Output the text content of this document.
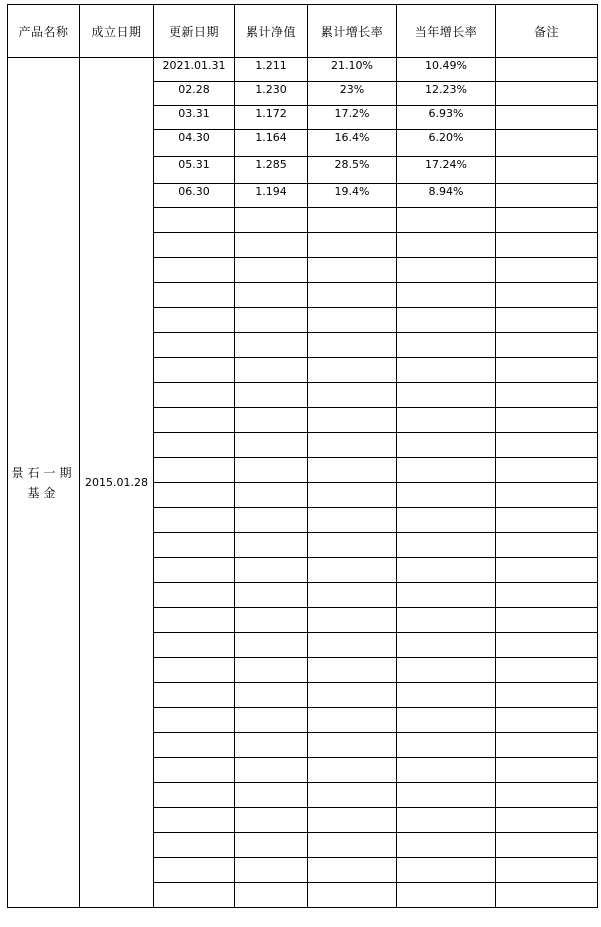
产品名称	成立日期	更新日期	累计净值	累计增长率	当年增长率	备注
景石一期基金	2015.01.28	2021.01.31	1.211	21.10%	10.49%	
		02.28	1.230	23%	12.23%	
		03.31	1.172	17.2%	6.93%	
		04.30	1.164	16.4%	6.20%	
		05.31	1.285	28.5%	17.24%	
		06.30	1.194	19.4%	8.94%	
